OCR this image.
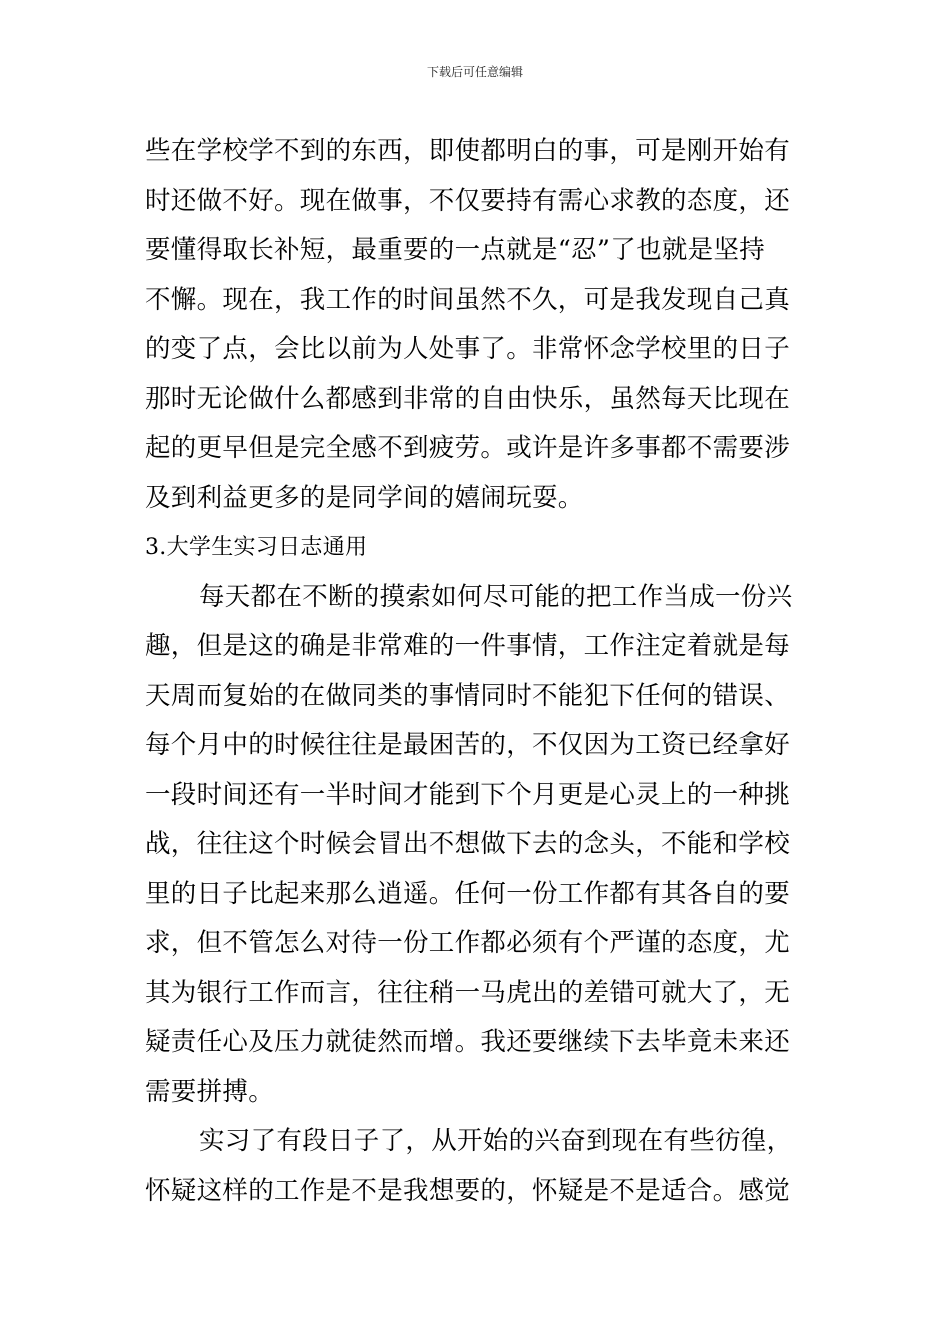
下载后可任意编辑
些在学校学不到的东西，即使都明白的事，可是刚开始有
时还做不好。现在做事，不仅要持有需心求教的态度，还
要懂得取长补短，最重要的一点就是“忍”了也就是坚持
不懈。现在，我工作的时间虽然不久，可是我发现自己真
的变了点，会比以前为人处事了。非常怀念学校里的日子
那时无论做什么都感到非常的自由快乐，虽然每天比现在
起的更早但是完全感不到疲劳。或许是许多事都不需要涉
及到利益更多的是同学间的嬉闹玩耍。
3.大学生实习日志通用
每天都在不断的摸索如何尽可能的把工作当成一份兴
趣，但是这的确是非常难的一件事情，工作注定着就是每
天周而复始的在做同类的事情同时不能犯下任何的错误、
每个月中的时候往往是最困苦的，不仅因为工资已经拿好
一段时间还有一半时间才能到下个月更是心灵上的一种挑
战，往往这个时候会冒出不想做下去的念头，不能和学校
里的日子比起来那么逍遥。任何一份工作都有其各自的要
求，但不管怎么对待一份工作都必须有个严谨的态度，尤
其为银行工作而言，往往稍一马虎出的差错可就大了，无
疑责任心及压力就徒然而增。我还要继续下去毕竟未来还
需要拼搏。
实习了有段日子了，从开始的兴奋到现在有些彷徨，
怀疑这样的工作是不是我想要的，怀疑是不是适合。感觉
